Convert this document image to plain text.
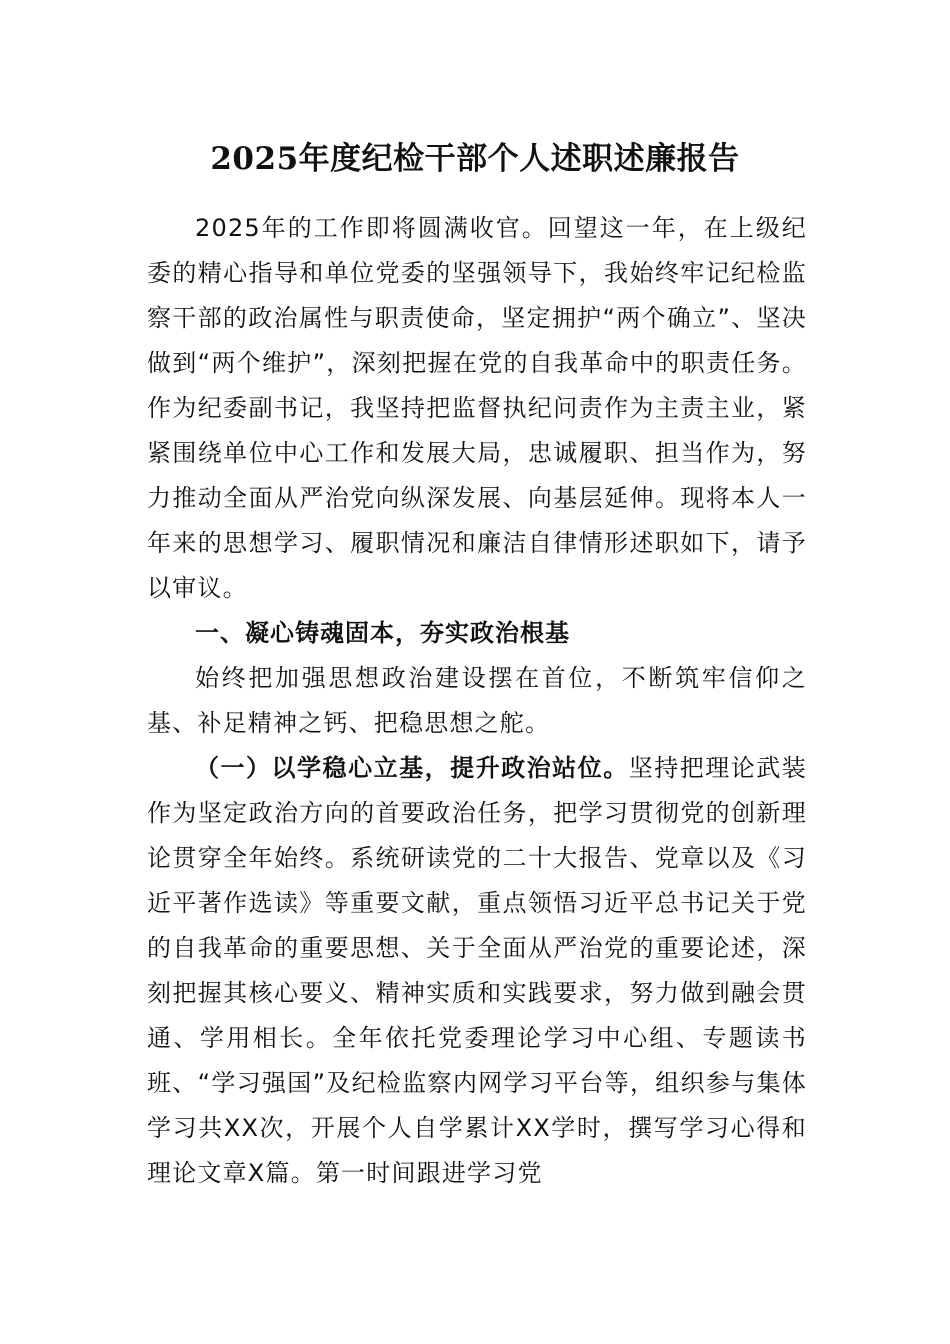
2025年度纪检干部个人述职述廉报告

2025年的工作即将圆满收官。回望这一年，在上级纪委的精心指导和单位党委的坚强领导下，我始终牢记纪检监察干部的政治属性与职责使命，坚定拥护“两个确立”、坚决做到“两个维护”，深刻把握在党的自我革命中的职责任务。作为纪委副书记，我坚持把监督执纪问责作为主责主业，紧紧围绕单位中心工作和发展大局，忠诚履职、担当作为，努力推动全面从严治党向纵深发展、向基层延伸。现将本人一年来的思想学习、履职情况和廉洁自律情形述职如下，请予以审议。

一、凝心铸魂固本，夯实政治根基

始终把加强思想政治建设摆在首位，不断筑牢信仰之基、补足精神之钙、把稳思想之舵。

（一）以学稳心立基，提升政治站位。坚持把理论武装作为坚定政治方向的首要政治任务，把学习贯彻党的创新理论贯穿全年始终。系统研读党的二十大报告、党章以及《习近平著作选读》等重要文献，重点领悟习近平总书记关于党的自我革命的重要思想、关于全面从严治党的重要论述，深刻把握其核心要义、精神实质和实践要求，努力做到融会贯通、学用相长。全年依托党委理论学习中心组、专题读书班、“学习强国”及纪检监察内网学习平台等，组织参与集体学习共XX次，开展个人自学累计XX学时，撰写学习心得和理论文章X篇。第一时间跟进学习党
